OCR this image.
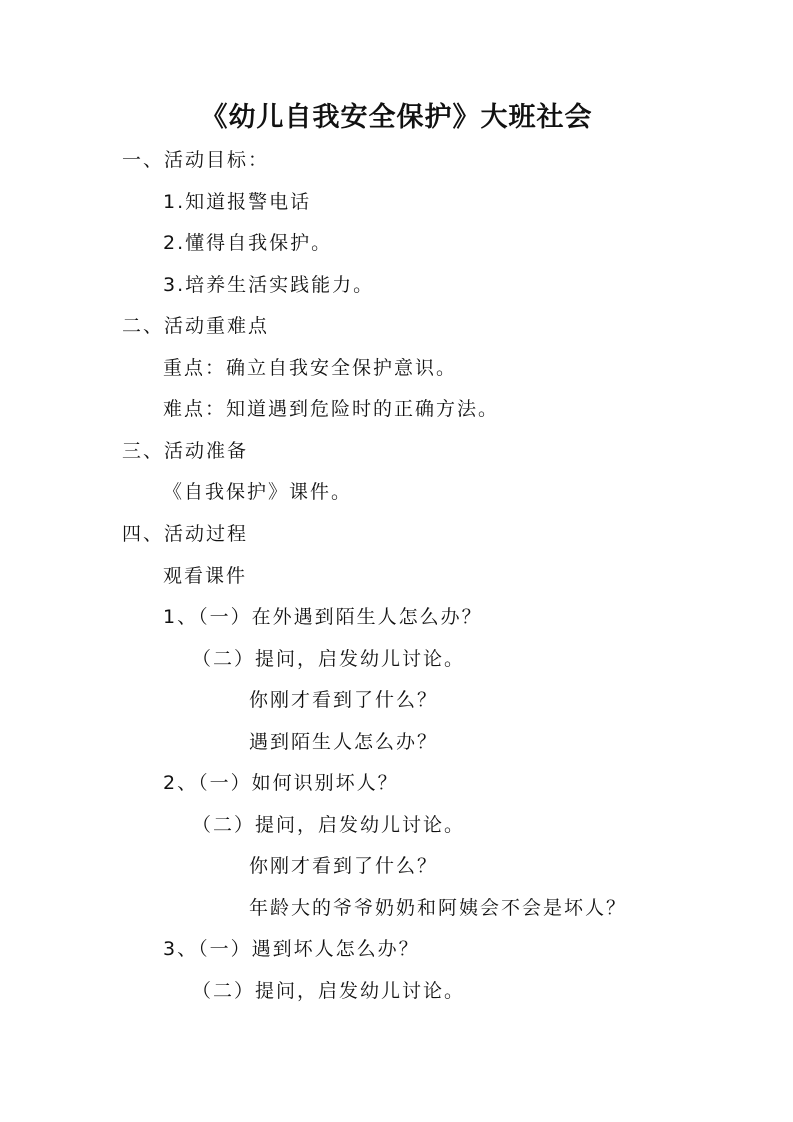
《幼儿自我安全保护》大班社会
一、活动目标：
1.知道报警电话
2.懂得自我保护。
3.培养生活实践能力。
二、活动重难点
重点：确立自我安全保护意识。
难点：知道遇到危险时的正确方法。
三、活动准备
《自我保护》课件。
四、活动过程
观看课件
1、（一）在外遇到陌生人怎么办？
（二）提问，启发幼儿讨论。
你刚才看到了什么？
遇到陌生人怎么办？
2、（一）如何识别坏人？
（二）提问，启发幼儿讨论。
你刚才看到了什么？
年龄大的爷爷奶奶和阿姨会不会是坏人？
3、（一）遇到坏人怎么办？
（二）提问，启发幼儿讨论。
